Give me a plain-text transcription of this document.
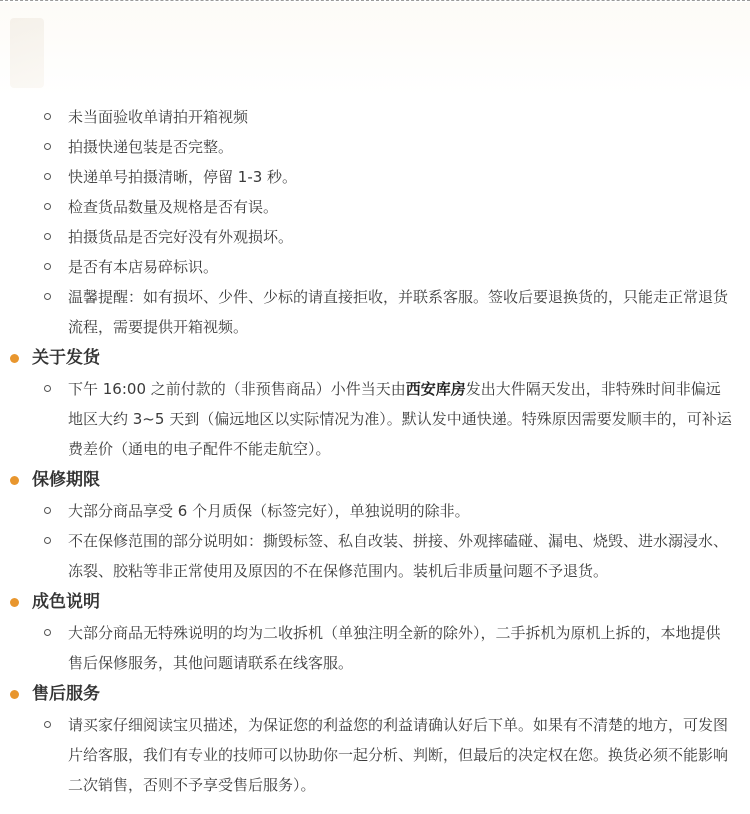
未当面验收单请拍开箱视频

拍摄快递包装是否完整。

快递单号拍摄清晰，停留 1-3 秒。

检查货品数量及规格是否有误。

拍摄货品是否完好没有外观损坏。

是否有本店易碎标识。

温馨提醒：如有损坏、少件、少标的请直接拒收，并联系客服。签收后要退换货的，只能走正常退货流程，需要提供开箱视频。

关于发货

下午 16:00 之前付款的（非预售商品）小件当天由西安库房发出大件隔天发出，非特殊时间非偏远地区大约 3~5 天到（偏远地区以实际情况为准）。默认发中通快递。特殊原因需要发顺丰的，可补运费差价（通电的电子配件不能走航空）。

保修期限

大部分商品享受 6 个月质保（标签完好），单独说明的除非。

不在保修范围的部分说明如：撕毁标签、私自改装、拼接、外观摔磕碰、漏电、烧毁、进水溺浸水、冻裂、胶粘等非正常使用及原因的不在保修范围内。装机后非质量问题不予退货。

成色说明

大部分商品无特殊说明的均为二收拆机（单独注明全新的除外），二手拆机为原机上拆的，本地提供售后保修服务，其他问题请联系在线客服。

售后服务

请买家仔细阅读宝贝描述，为保证您的利益您的利益请确认好后下单。如果有不清楚的地方，可发图片给客服，我们有专业的技师可以协助你一起分析、判断，但最后的决定权在您。换货必须不能影响二次销售，否则不予享受售后服务）。
